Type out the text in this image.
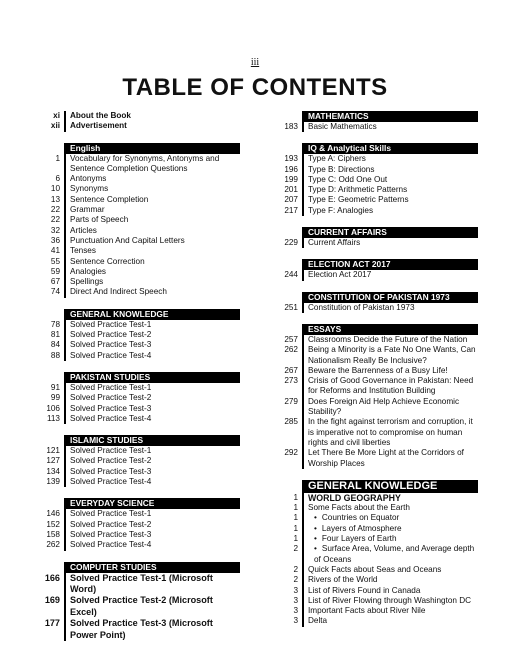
iii
TABLE OF CONTENTS
xi	About the Book
xii	Advertisement
English
1	Vocabulary for Synonyms, Antonyms and Sentence Completion Questions
6	Antonyms
10	Synonyms
13	Sentence Completion
22	Grammar
22	Parts of Speech
32	Articles
36	Punctuation And Capital Letters
41	Tenses
55	Sentence Correction
59	Analogies
67	Spellings
74	Direct And Indirect Speech
GENERAL KNOWLEDGE
78	Solved Practice Test-1
81	Solved Practice Test-2
84	Solved Practice Test-3
88	Solved Practice Test-4
PAKISTAN STUDIES
91	Solved Practice Test-1
99	Solved Practice Test-2
106	Solved Practice Test-3
113	Solved Practice Test-4
ISLAMIC STUDIES
121	Solved Practice Test-1
127	Solved Practice Test-2
134	Solved Practice Test-3
139	Solved Practice Test-4
EVERYDAY SCIENCE
146	Solved Practice Test-1
152	Solved Practice Test-2
158	Solved Practice Test-3
262	Solved Practice Test-4
COMPUTER STUDIES
166	Solved Practice Test-1 (Microsoft Word)
169	Solved Practice Test-2 (Microsoft Excel)
177	Solved Practice Test-3 (Microsoft Power Point)
MATHEMATICS
183	Basic Mathematics
IQ & Analytical Skills
193	Type A: Ciphers
196	Type B: Directions
199	Type C: Odd One Out
201	Type D: Arithmetic Patterns
207	Type E: Geometric Patterns
217	Type F: Analogies
CURRENT AFFAIRS
229	Current Affairs
ELECTION ACT 2017
244	Election Act 2017
CONSTITUTION OF PAKISTAN 1973
251	Constitution of Pakistan 1973
ESSAYS
257	Classrooms Decide the Future of the Nation
262	Being a Minority is a Fate No One Wants, Can Nationalism Really Be Inclusive?
267	Beware the Barrenness of a Busy Life!
273	Crisis of Good Governance in Pakistan: Need for Reforms and Institution Building
279	Does Foreign Aid Help Achieve Economic Stability?
285	In the fight against terrorism and corruption, it is imperative not to compromise on human rights and civil liberties
292	Let There Be More Light at the Corridors of Worship Places
GENERAL KNOWLEDGE
1	WORLD GEOGRAPHY
1	Some Facts about the Earth
1	• Countries on Equator
1	• Layers of Atmosphere
1	• Four Layers of Earth
2	• Surface Area, Volume, and Average depth of Oceans
2	Quick Facts about Seas and Oceans
2	Rivers of the World
3	List of Rivers Found in Canada
3	List of River Flowing through Washington DC
3	Important Facts about River Nile
3	Delta
